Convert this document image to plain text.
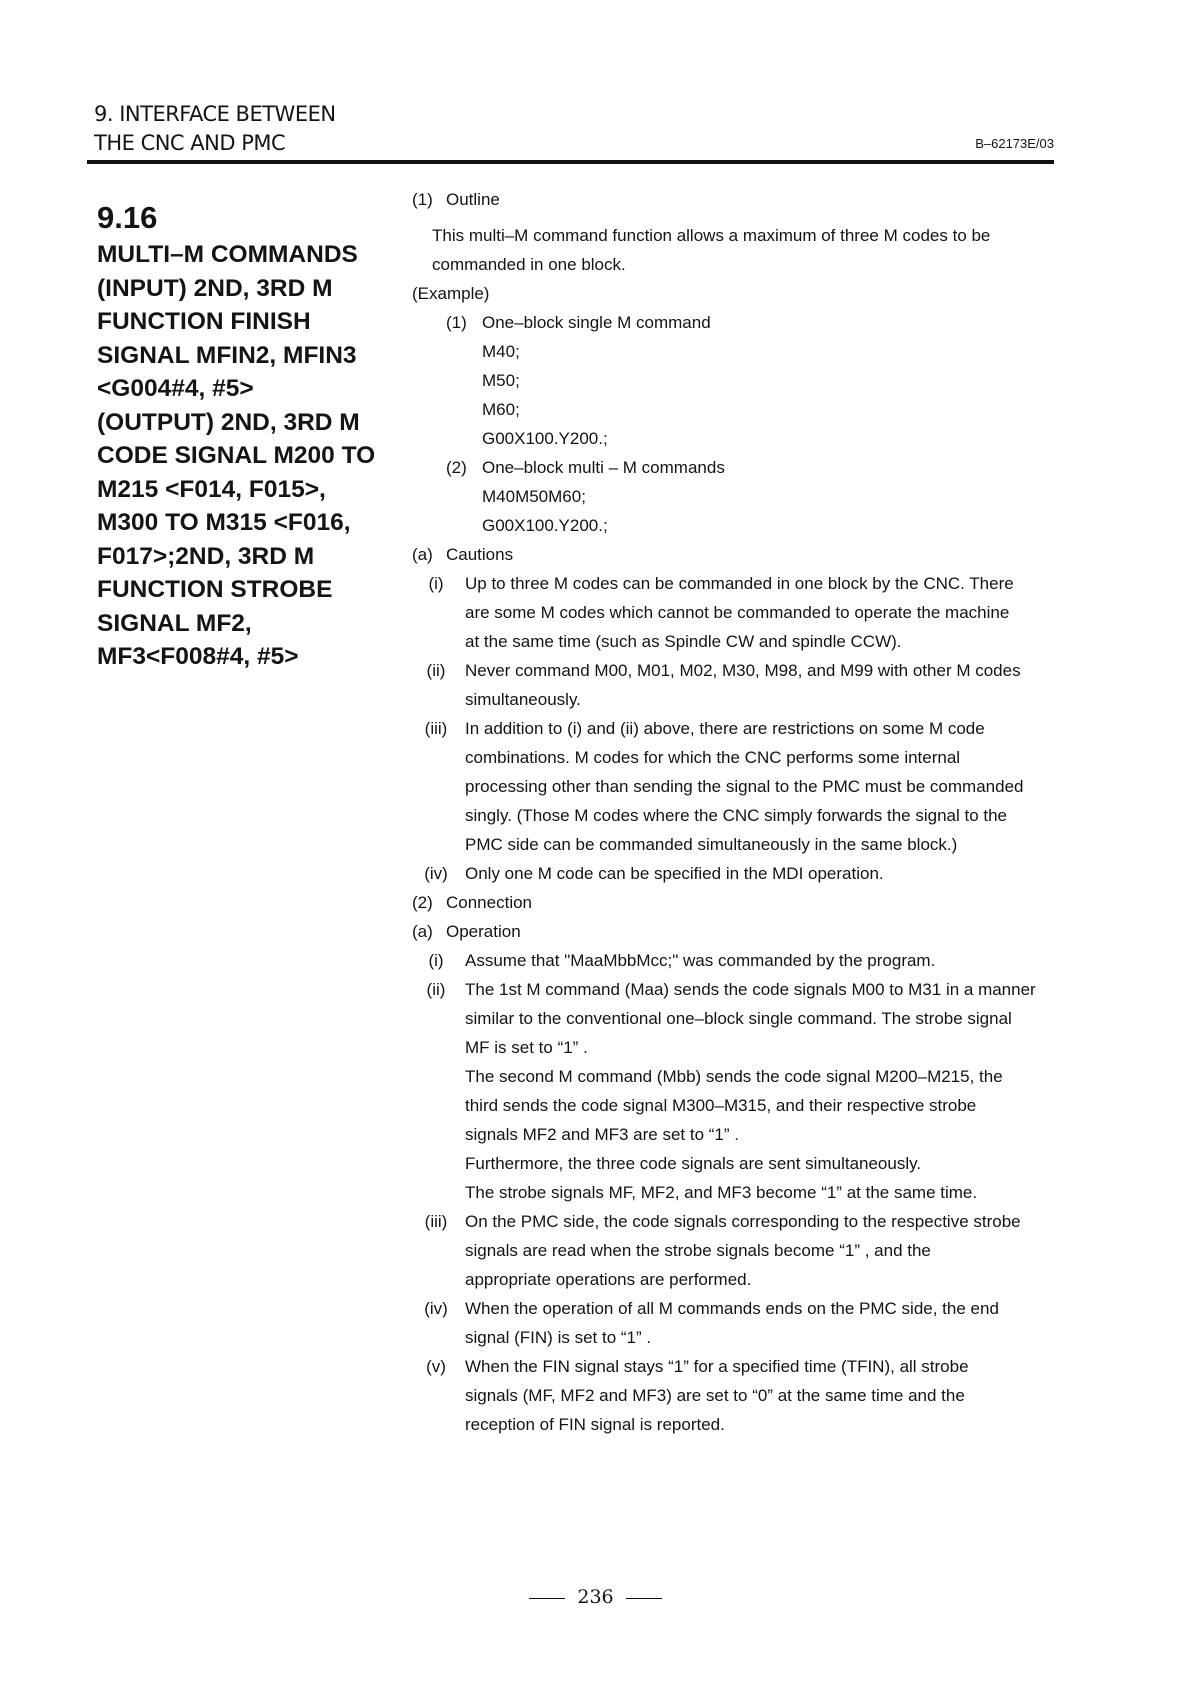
9. INTERFACE BETWEEN
THE CNC AND PMC	B–62173E/03
9.16
MULTI–M COMMANDS
(INPUT) 2ND, 3RD M
FUNCTION FINISH
SIGNAL MFIN2, MFIN3
<G004#4, #5>
(OUTPUT) 2ND, 3RD M
CODE SIGNAL M200 TO
M215 <F014, F015>,
M300 TO M315 <F016,
F017>;2ND, 3RD M
FUNCTION STROBE
SIGNAL MF2,
MF3<F008#4, #5>
(1) Outline
This multi–M command function allows a maximum of three M codes to be
commanded in one block.
(Example)
(1) One–block single M command
M40;
M50;
M60;
G00X100.Y200.;
(2) One–block multi – M commands
M40M50M60;
G00X100.Y200.;
(a) Cautions
(i)	Up to three M codes can be commanded in one block by the CNC. There
are some M codes which cannot be commanded to operate the machine
at the same time (such as Spindle CW and spindle CCW).
(ii)	Never command M00, M01, M02, M30, M98, and M99 with other M codes
simultaneously.
(iii)	In addition to (i) and (ii) above, there are restrictions on some M code
combinations. M codes for which the CNC performs some internal
processing other than sending the signal to the PMC must be commanded
singly. (Those M codes where the CNC simply forwards the signal to the
PMC side can be commanded simultaneously in the same block.)
(iv)	Only one M code can be specified in the MDI operation.
(2) Connection
(a) Operation
(i)	Assume that "MaaMbbMcc;" was commanded by the program.
(ii)	The 1st M command (Maa) sends the code signals M00 to M31 in a manner
similar to the conventional one–block single command. The strobe signal
MF is set to “1” .
The second M command (Mbb) sends the code signal M200–M215, the
third sends the code signal M300–M315, and their respective strobe
signals MF2 and MF3 are set to “1” .
Furthermore, the three code signals are sent simultaneously.
The strobe signals MF, MF2, and MF3 become “1” at the same time.
(iii)	On the PMC side, the code signals corresponding to the respective strobe
signals are read when the strobe signals become “1” , and the
appropriate operations are performed.
(iv)	When the operation of all M commands ends on the PMC side, the end
signal (FIN) is set to “1” .
(v)	When the FIN signal stays “1” for a specified time (TFIN), all strobe
signals (MF, MF2 and MF3) are set to “0” at the same time and the
reception of FIN signal is reported.
236
